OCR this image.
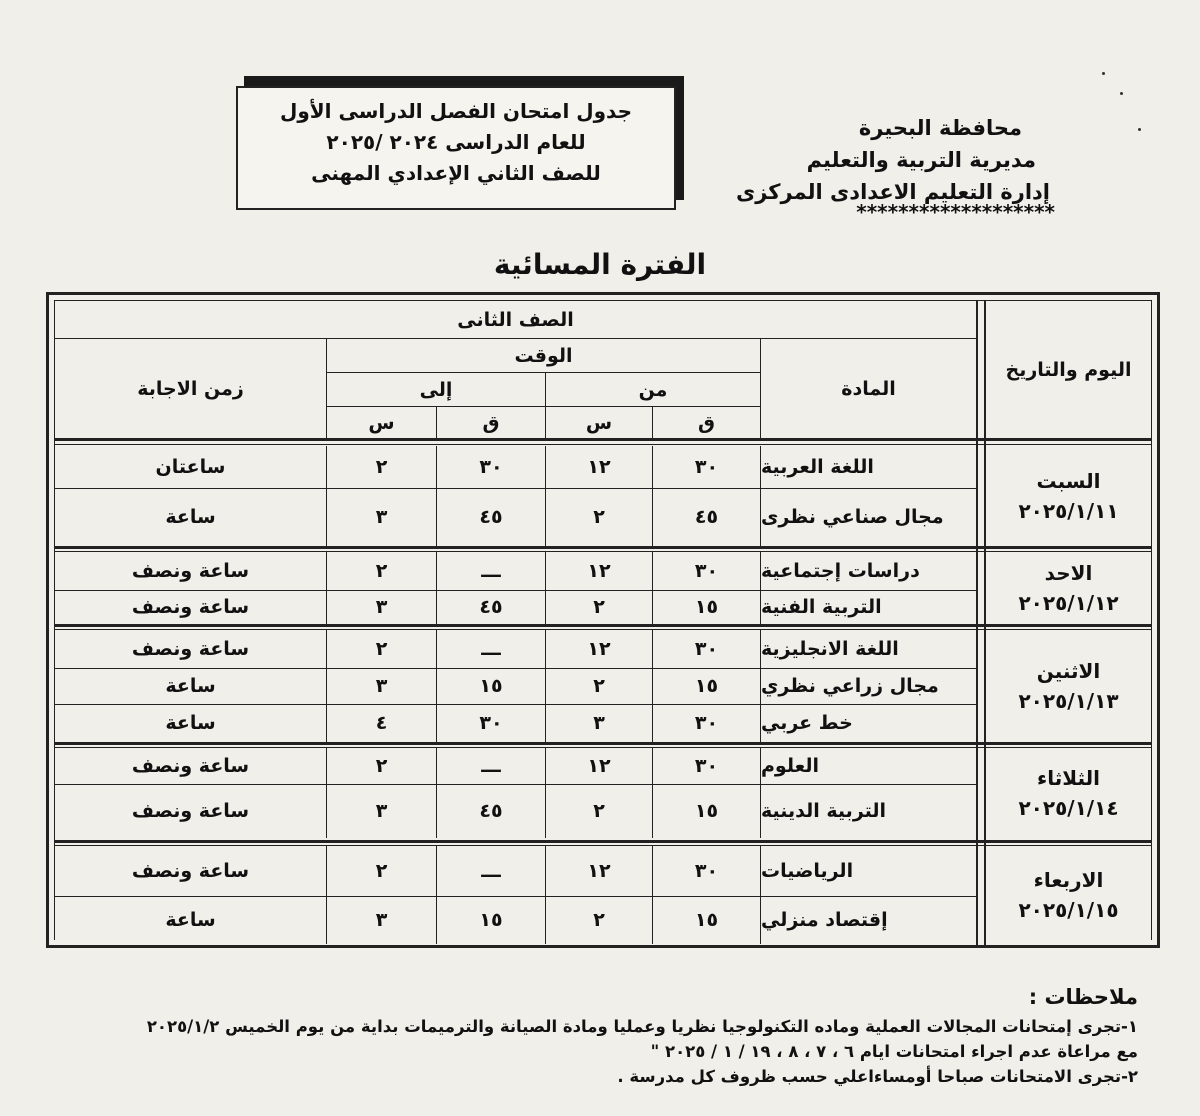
محافظة البحيرة
مديرية التربية والتعليم
إدارة التعليم الاعدادى المركزى
*******************
جدول امتحان الفصل الدراسى الأول
للعام الدراسى ٢٠٢٤ /٢٠٢٥
للصف الثاني الإعدادي المهنى
الفترة المسائية
الصف الثانى
اليوم والتاريخ
المادة
الوقت
من
إلى
ق
س
ق
س
زمن الاجابة
السبت
٢٠٢٥/١/١١
اللغة العربية
٣٠
١٢
٣٠
٢
ساعتان
مجال صناعي نظرى
٤٥
٢
٤٥
٣
ساعة
الاحد
٢٠٢٥/١/١٢
دراسات إجتماعية
٣٠
١٢
ـــ
٢
ساعة ونصف
التربية الفنية
١٥
٢
٤٥
٣
ساعة ونصف
الاثنين
٢٠٢٥/١/١٣
اللغة الانجليزية
٣٠
١٢
ـــ
٢
ساعة ونصف
مجال زراعي نظري
١٥
٢
١٥
٣
ساعة
خط عربي
٣٠
٣
٣٠
٤
ساعة
الثلاثاء
٢٠٢٥/١/١٤
العلوم
٣٠
١٢
ـــ
٢
ساعة ونصف
التربية الدينية
١٥
٢
٤٥
٣
ساعة ونصف
الاربعاء
٢٠٢٥/١/١٥
الرياضيات
٣٠
١٢
ـــ
٢
ساعة ونصف
إقتصاد منزلي
١٥
٢
١٥
٣
ساعة
ملاحظات :
١-تجرى إمتحانات المجالات العملية وماده التكنولوجيا نظريا وعمليا ومادة الصيانة والترميمات بداية من يوم الخميس ٢٠٢٥/١/٢
مع مراعاة عدم اجراء امتحانات ايام ٦ ، ٧ ، ٨ ، ١٩ / ١ / ٢٠٢٥ "
٢-تجرى الامتحانات صباحا أومساءاعلي حسب ظروف كل مدرسة .
